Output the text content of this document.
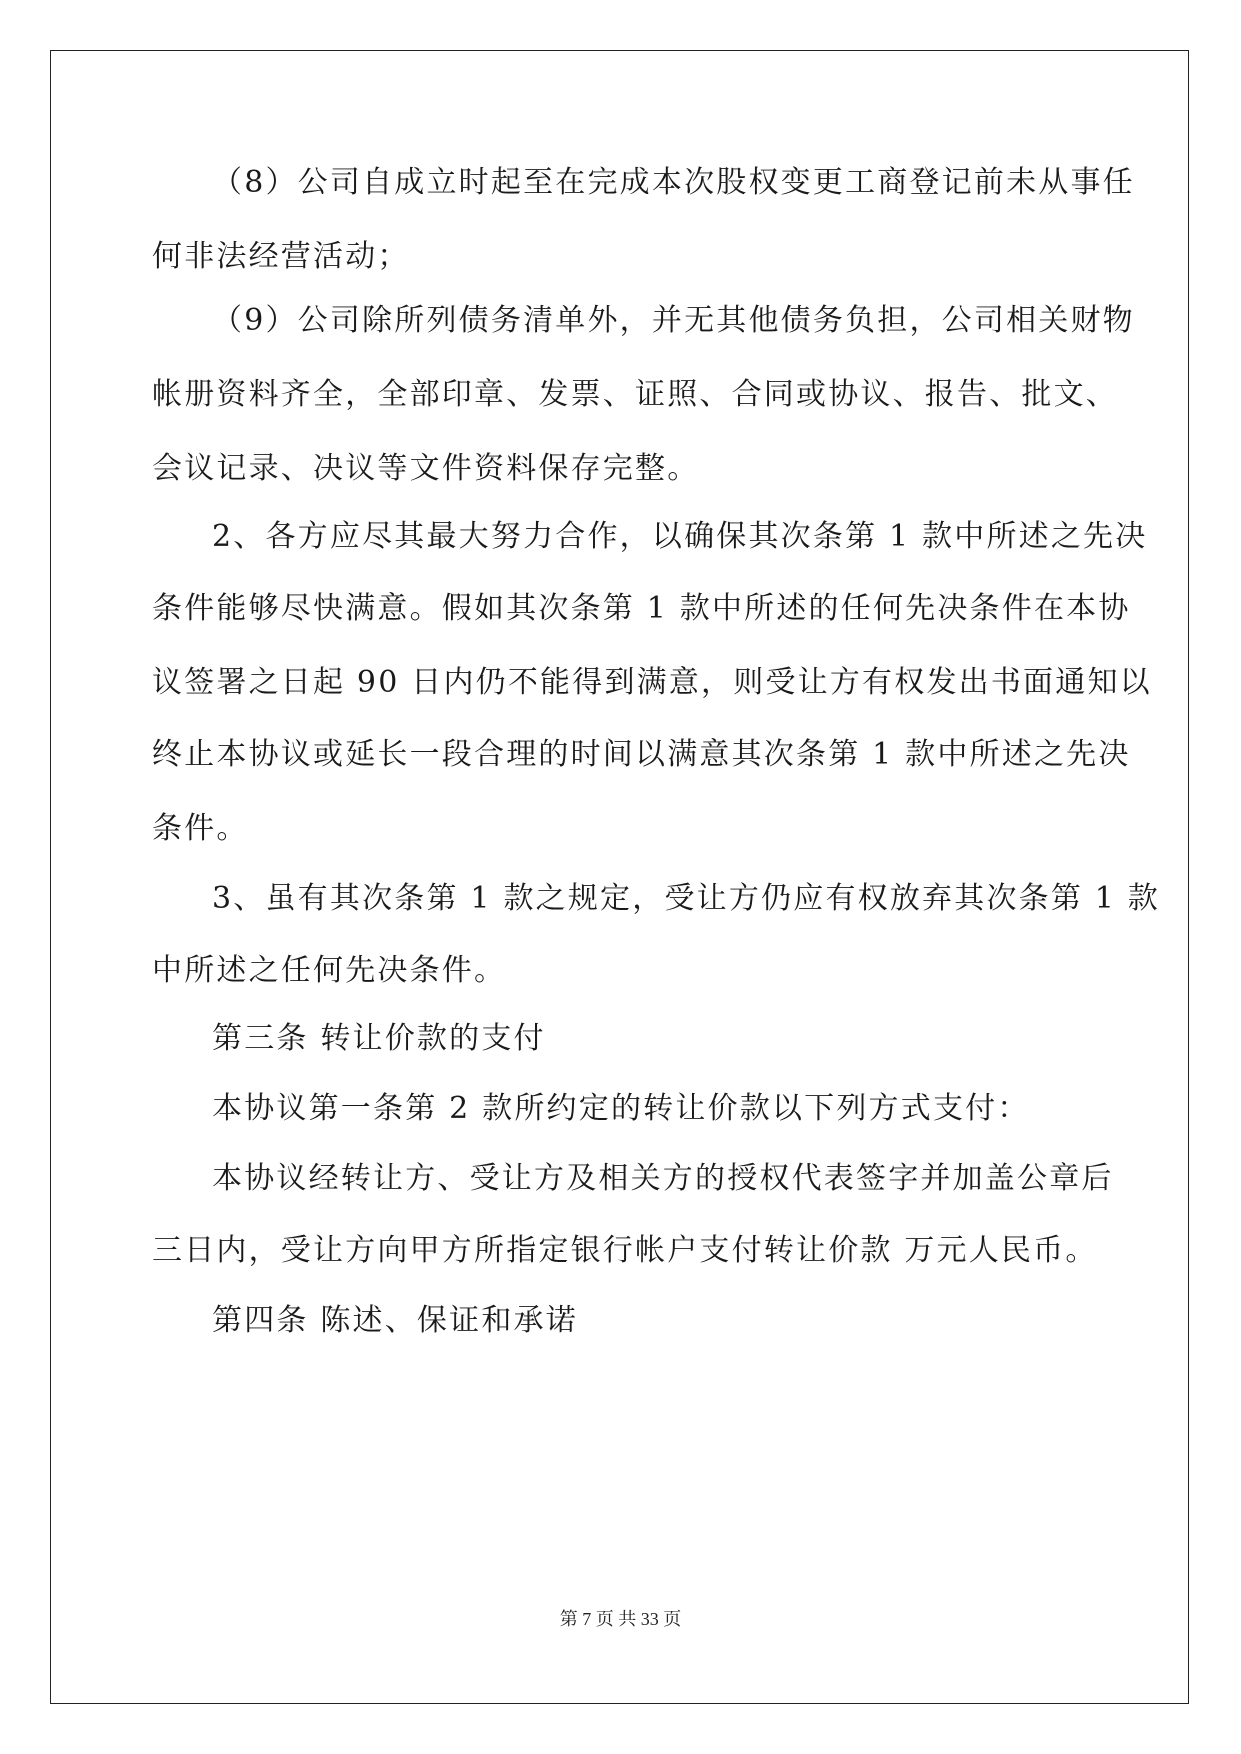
（8）公司自成立时起至在完成本次股权变更工商登记前未从事任
何非法经营活动；
（9）公司除所列债务清单外，并无其他债务负担，公司相关财物
帐册资料齐全，全部印章、发票、证照、合同或协议、报告、批文、
会议记录、决议等文件资料保存完整。
2、各方应尽其最大努力合作，以确保其次条第 1 款中所述之先决
条件能够尽快满意。假如其次条第 1 款中所述的任何先决条件在本协
议签署之日起 90 日内仍不能得到满意，则受让方有权发出书面通知以
终止本协议或延长一段合理的时间以满意其次条第 1 款中所述之先决
条件。
3、虽有其次条第 1 款之规定，受让方仍应有权放弃其次条第 1 款
中所述之任何先决条件。
第三条 转让价款的支付
本协议第一条第 2 款所约定的转让价款以下列方式支付：
本协议经转让方、受让方及相关方的授权代表签字并加盖公章后
三日内，受让方向甲方所指定银行帐户支付转让价款 万元人民币。
第四条 陈述、保证和承诺
第 7 页 共 33 页
